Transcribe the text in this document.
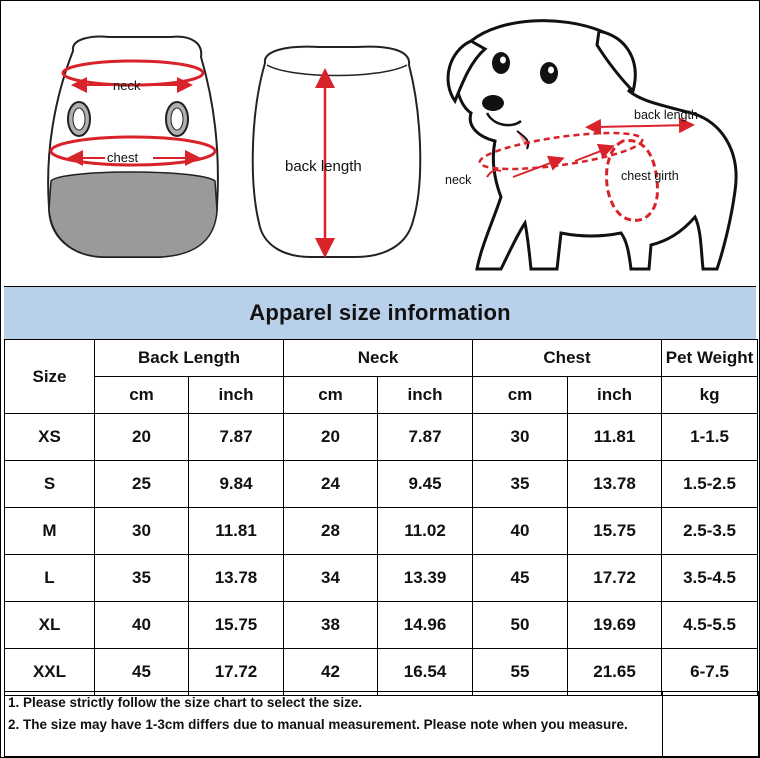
neck
chest
back length
back length
neck	chest girth
Apparel size information
Size	Back Length		Neck		Chest		Pet Weight
	cm	inch	cm	inch	cm	inch	kg
XS	20	7.87	20	7.87	30	11.81	1-1.5
S	25	9.84	24	9.45	35	13.78	1.5-2.5
M	30	11.81	28	11.02	40	15.75	2.5-3.5
L	35	13.78	34	13.39	45	17.72	3.5-4.5
XL	40	15.75	38	14.96	50	19.69	4.5-5.5
XXL	45	17.72	42	16.54	55	21.65	6-7.5
1. Please strictly follow the size chart to select the size.
2. The size may have 1-3cm differs due to manual measurement. Please note when you measure.
